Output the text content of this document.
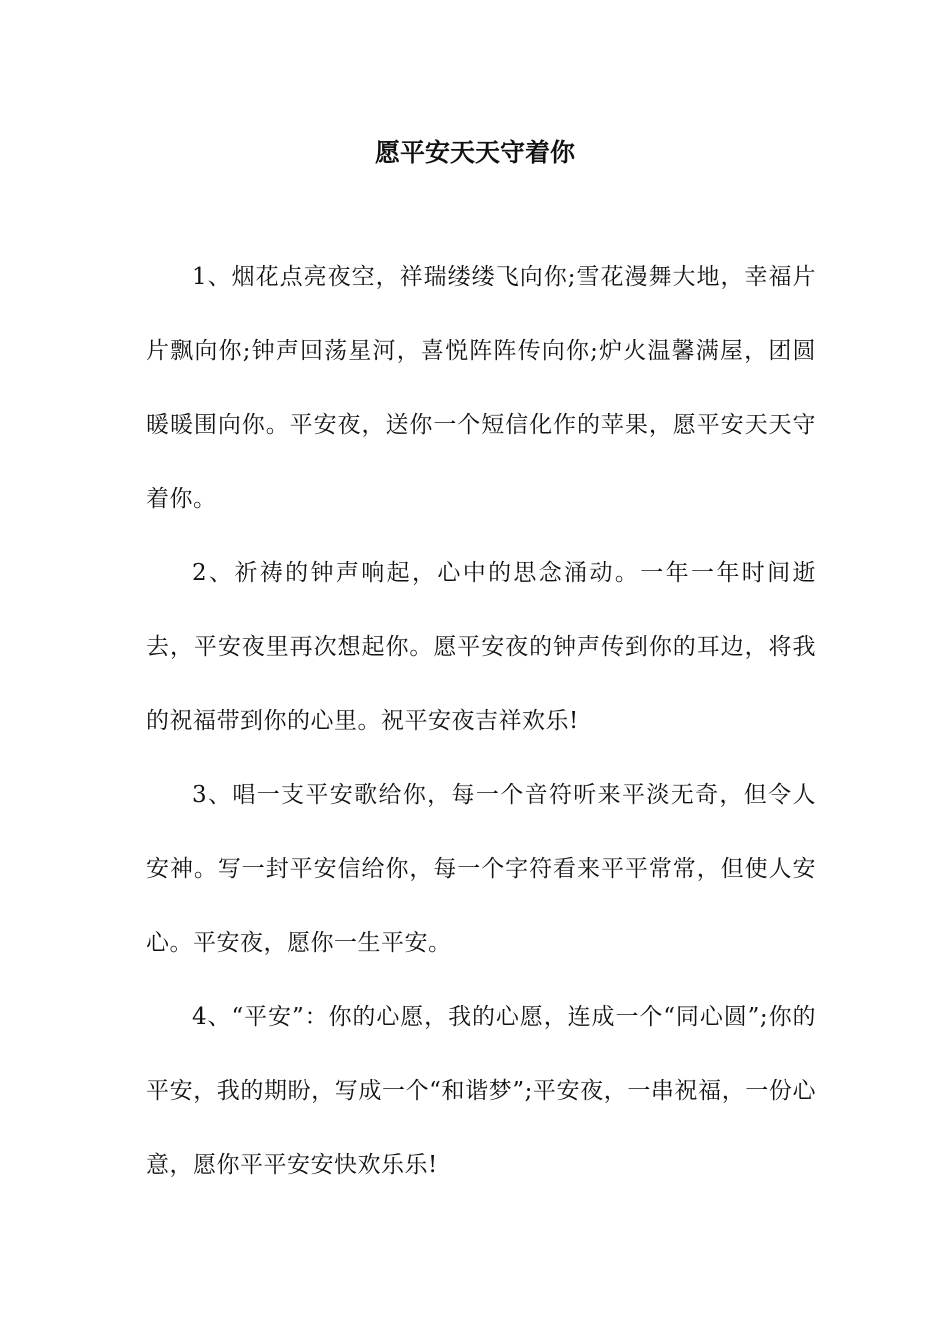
愿平安天天守着你

1、烟花点亮夜空，祥瑞缕缕飞向你;雪花漫舞大地，幸福片片飘向你;钟声回荡星河，喜悦阵阵传向你;炉火温馨满屋，团圆暖暖围向你。平安夜，送你一个短信化作的苹果，愿平安天天守着你。

2、祈祷的钟声响起，心中的思念涌动。一年一年时间逝去，平安夜里再次想起你。愿平安夜的钟声传到你的耳边，将我的祝福带到你的心里。祝平安夜吉祥欢乐!

3、唱一支平安歌给你，每一个音符听来平淡无奇，但令人安神。写一封平安信给你，每一个字符看来平平常常，但使人安心。平安夜，愿你一生平安。

4、“平安”：你的心愿，我的心愿，连成一个“同心圆”;你的平安，我的期盼，写成一个“和谐梦”;平安夜，一串祝福，一份心意，愿你平平安安快欢乐乐!
